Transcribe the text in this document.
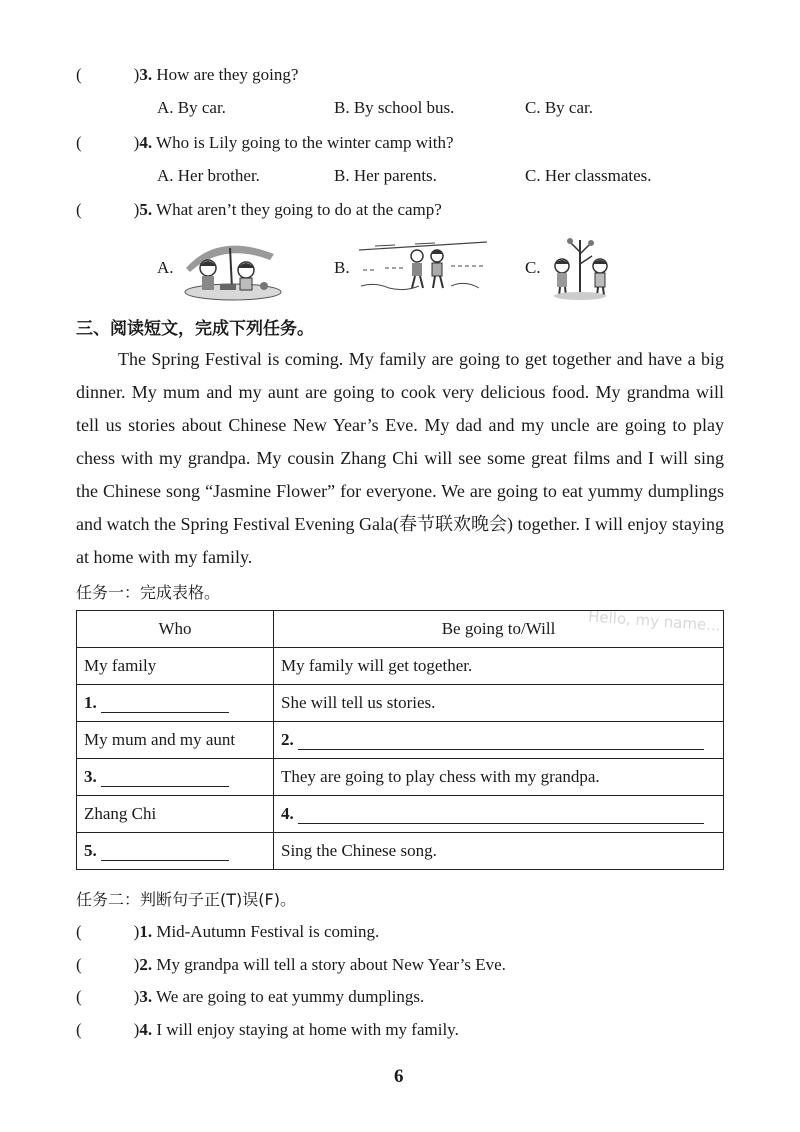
(	)3. How are they going?
A. By car.	B. By school bus.	C. By car.
(	)4. Who is Lily going to the winter camp with?
A. Her brother.	B. Her parents.	C. Her classmates.
(	)5. What aren’t they going to do at the camp?
A.	B.	C.
三、阅读短文，完成下列任务。

The Spring Festival is coming. My family are going to get together and have a big dinner. My mum and my aunt are going to cook very delicious food. My grandma will tell us stories about Chinese New Year’s Eve. My dad and my uncle are going to play chess with my grandpa. My cousin Zhang Chi will see some great films and I will sing the Chinese song “Jasmine Flower” for everyone. We are going to eat yummy dumplings and watch the Spring Festival Evening Gala(春节联欢晚会) together. I will enjoy staying at home with my family.

任务一：完成表格。
Hello, my name...
Who	Be going to/Will
My family	My family will get together.
1.	She will tell us stories.
My mum and my aunt	2.
3.	They are going to play chess with my grandpa.
Zhang Chi	4.
5.	Sing the Chinese song.
任务二：判断句子正(T)误(F)。
(	)1. Mid-Autumn Festival is coming.
(	)2. My grandpa will tell a story about New Year’s Eve.
(	)3. We are going to eat yummy dumplings.
(	)4. I will enjoy staying at home with my family.
6
